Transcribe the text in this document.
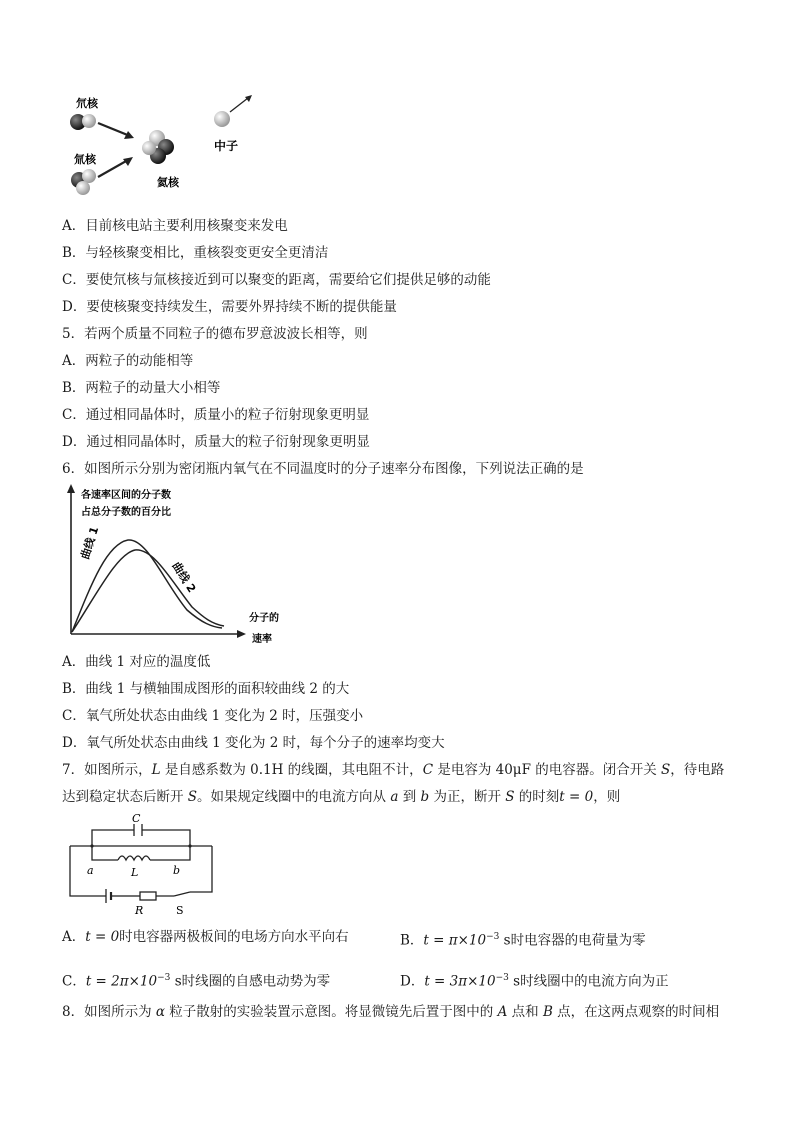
氘核
氚核
氦核
中子
A．目前核电站主要利用核聚变来发电
B．与轻核聚变相比，重核裂变更安全更清洁
C．要使氘核与氚核接近到可以聚变的距离，需要给它们提供足够的动能
D．要使核聚变持续发生，需要外界持续不断的提供能量
5．若两个质量不同粒子的德布罗意波波长相等，则
A．两粒子的动能相等
B．两粒子的动量大小相等
C．通过相同晶体时，质量小的粒子衍射现象更明显
D．通过相同晶体时，质量大的粒子衍射现象更明显
6．如图所示分别为密闭瓶内氧气在不同温度时的分子速率分布图像，下列说法正确的是
各速率区间的分子数
占总分子数的百分比
曲线 1
曲线 2
分子的
速率
A．曲线 1 对应的温度低
B．曲线 1 与横轴围成图形的面积较曲线 2 的大
C．氧气所处状态由曲线 1 变化为 2 时，压强变小
D．氧气所处状态由曲线 1 变化为 2 时，每个分子的速率均变大
7．如图所示，L 是自感系数为 0.1H 的线圈，其电阻不计，C 是电容为 40μF 的电容器。闭合开关 S，待电路
达到稳定状态后断开 S。如果规定线圈中的电流方向从 a 到 b 为正，断开 S 的时刻t = 0，则
C
L
a	b
R	S
A．t = 0时电容器两极板间的电场方向水平向右	B．$t = \pi\times 10^{-3}$ s时电容器的电荷量为零
C．$t = 2\pi\times 10^{-3}$ s时线圈的自感电动势为零	D．$t = 3\pi\times 10^{-3}$ s时线圈中的电流方向为正
8．如图所示为 α 粒子散射的实验装置示意图。将显微镜先后置于图中的 A 点和 B 点，在这两点观察的时间相
